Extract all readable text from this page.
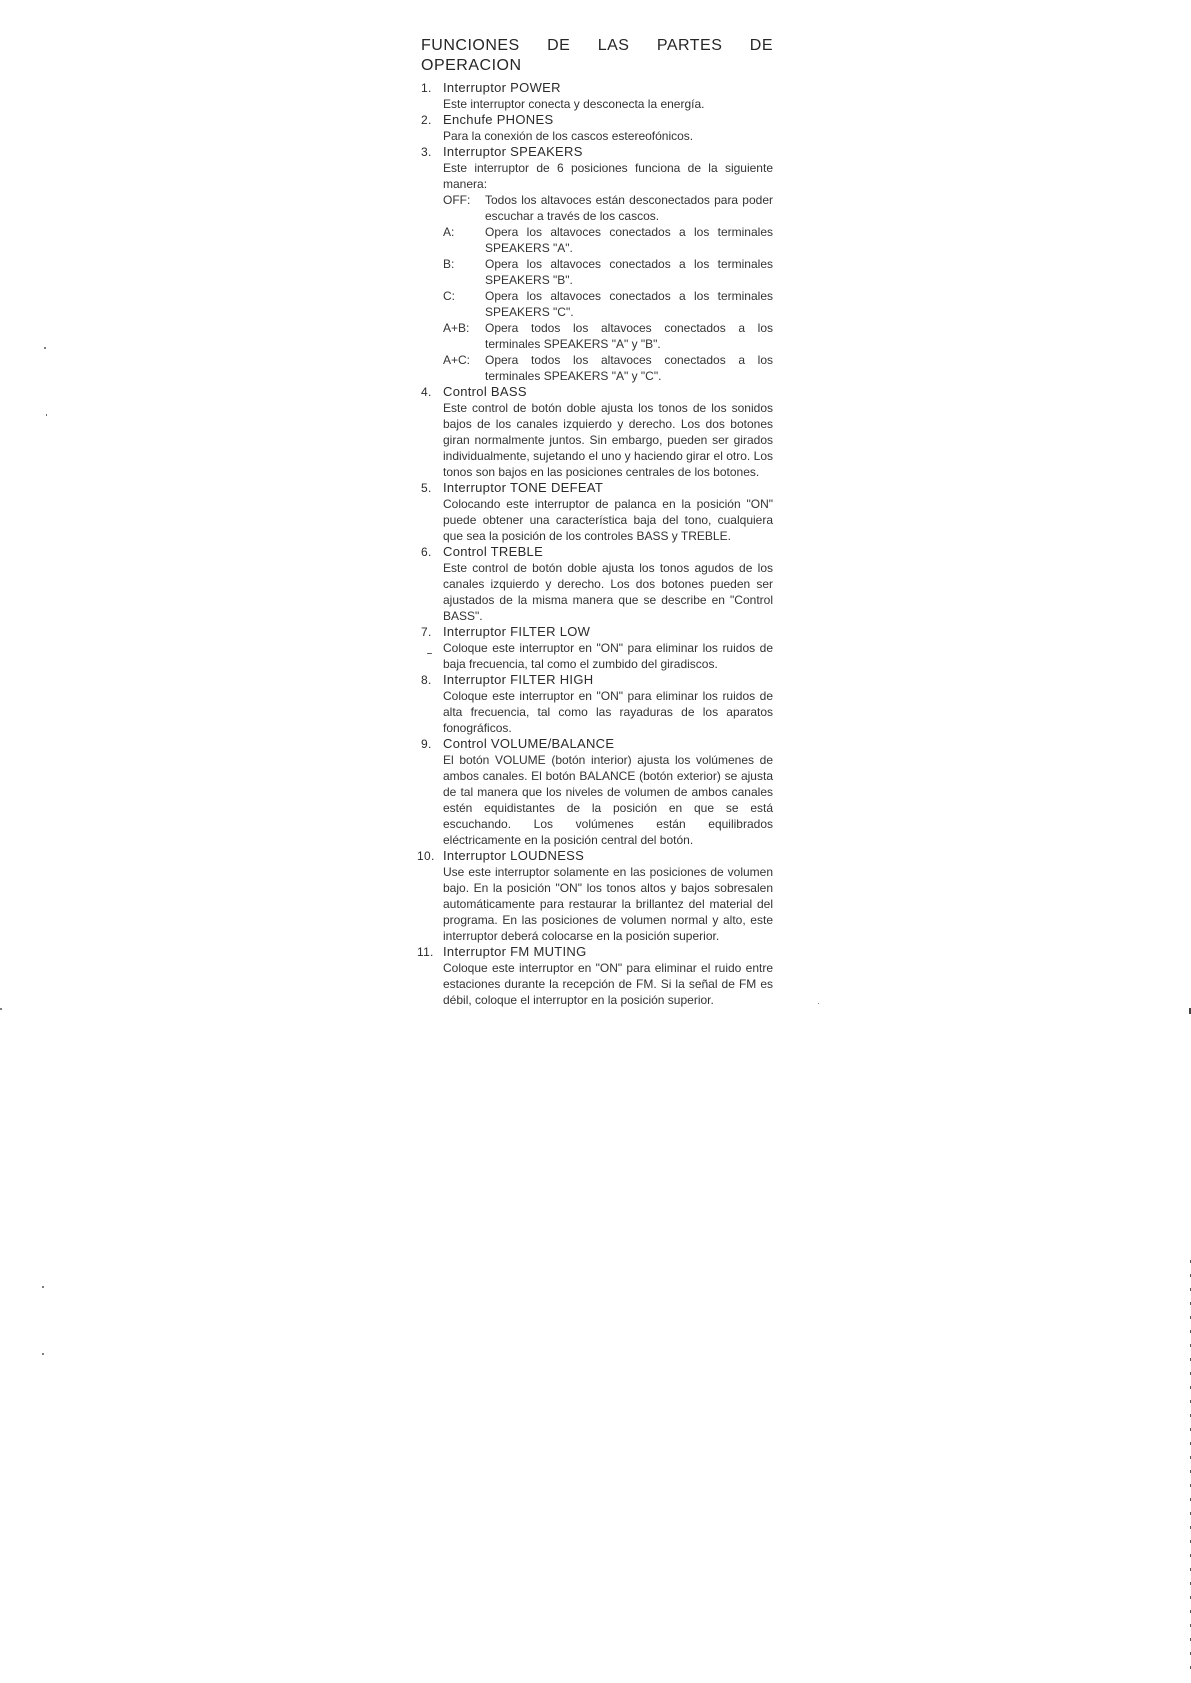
FUNCIONES DE LAS PARTES DE
OPERACION
1. Interruptor POWER
Este interruptor conecta y desconecta la energía.
2. Enchufe PHONES
Para la conexión de los cascos estereofónicos.
3. Interruptor SPEAKERS
Este interruptor de 6 posiciones funciona de la siguiente manera:
OFF:	Todos los altavoces están desconectados para poder escuchar a través de los cascos.
A:	Opera los altavoces conectados a los terminales SPEAKERS "A".
B:	Opera los altavoces conectados a los terminales SPEAKERS "B".
C:	Opera los altavoces conectados a los terminales SPEAKERS "C".
A+B:	Opera todos los altavoces conectados a los terminales SPEAKERS "A" y "B".
A+C:	Opera todos los altavoces conectados a los terminales SPEAKERS "A" y "C".
4. Control BASS
Este control de botón doble ajusta los tonos de los sonidos bajos de los canales izquierdo y derecho. Los dos botones giran normalmente juntos. Sin embargo, pueden ser girados individualmente, sujetando el uno y haciendo girar el otro. Los tonos son bajos en las posiciones centrales de los botones.
5. Interruptor TONE DEFEAT
Colocando este interruptor de palanca en la posición "ON" puede obtener una característica baja del tono, cualquiera que sea la posición de los controles BASS y TREBLE.
6. Control TREBLE
Este control de botón doble ajusta los tonos agudos de los canales izquierdo y derecho. Los dos botones pueden ser ajustados de la misma manera que se describe en "Control BASS".
7. Interruptor FILTER LOW
Coloque este interruptor en "ON" para eliminar los ruidos de baja frecuencia, tal como el zumbido del giradiscos.
8. Interruptor FILTER HIGH
Coloque este interruptor en "ON" para eliminar los ruidos de alta frecuencia, tal como las rayaduras de los aparatos fonográficos.
9. Control VOLUME/BALANCE
El botón VOLUME (botón interior) ajusta los volúmenes de ambos canales. El botón BALANCE (botón exterior) se ajusta de tal manera que los niveles de volumen de ambos canales estén equidistantes de la posición en que se está escuchando. Los volúmenes están equilibrados eléctricamente en la posición central del botón.
10. Interruptor LOUDNESS
Use este interruptor solamente en las posiciones de volumen bajo. En la posición "ON" los tonos altos y bajos sobresalen automáticamente para restaurar la brillantez del material del programa. En las posiciones de volumen normal y alto, este interruptor deberá colocarse en la posición superior.
11. Interruptor FM MUTING
Coloque este interruptor en "ON" para eliminar el ruido entre estaciones durante la recepción de FM. Si la señal de FM es débil, coloque el interruptor en la posición superior.
